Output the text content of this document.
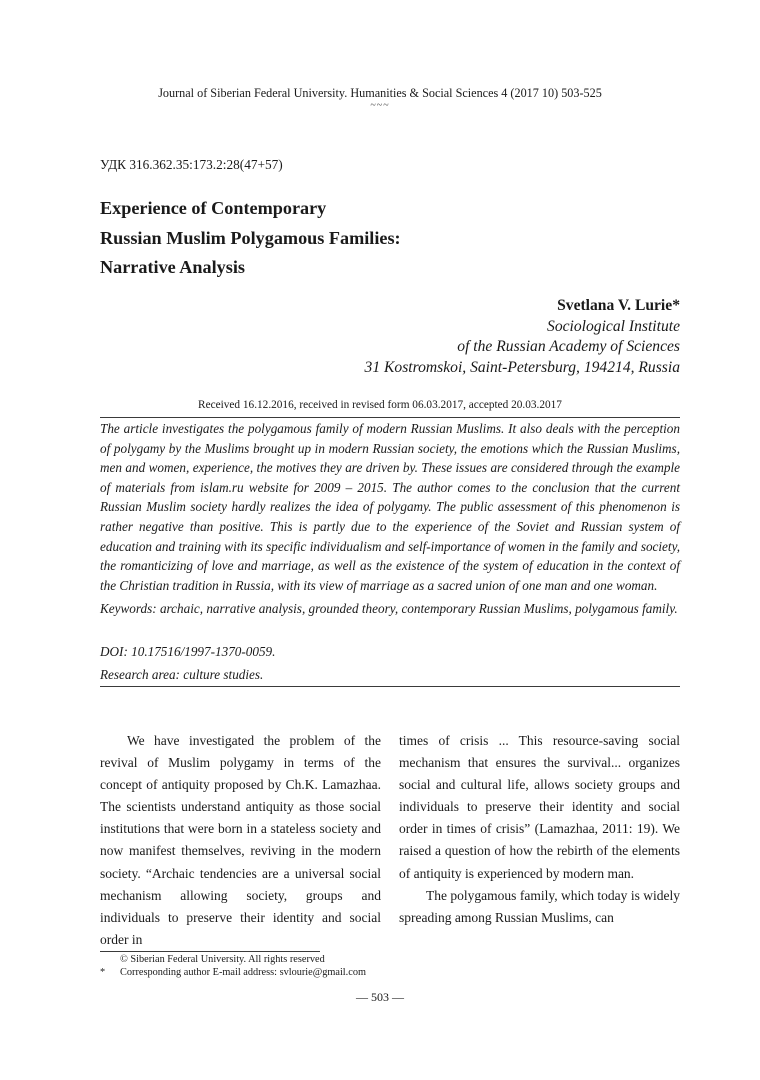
Journal of Siberian Federal University. Humanities & Social Sciences 4 (2017 10) 503-525
~~~
УДК 316.362.35:173.2:28(47+57)
Experience of Contemporary
Russian Muslim Polygamous Families:
Narrative Analysis
Svetlana V. Lurie*
Sociological Institute
of the Russian Academy of Sciences
31 Kostromskoi, Saint-Petersburg, 194214, Russia
Received 16.12.2016, received in revised form 06.03.2017, accepted 20.03.2017

The article investigates the polygamous family of modern Russian Muslims. It also deals with the perception of polygamy by the Muslims brought up in modern Russian society, the emotions which the Russian Muslims, men and women, experience, the motives they are driven by. These issues are considered through the example of materials from islam.ru website for 2009 – 2015. The author comes to the conclusion that the current Russian Muslim society hardly realizes the idea of polygamy. The public assessment of this phenomenon is rather negative than positive. This is partly due to the experience of the Soviet and Russian system of education and training with its specific individualism and self-importance of women in the family and society, the romanticizing of love and marriage, as well as the existence of the system of education in the context of the Christian tradition in Russia, with its view of marriage as a sacred union of one man and one woman.

Keywords: archaic, narrative analysis, grounded theory, contemporary Russian Muslims, polygamous family.

DOI: 10.17516/1997-1370-0059.

Research area: culture studies.

We have investigated the problem of the revival of Muslim polygamy in terms of the concept of antiquity proposed by Ch.K. Lamazhaa. The scientists understand antiquity as those social institutions that were born in a stateless society and now manifest themselves, reviving in the modern society. “Archaic tendencies are a universal social mechanism allowing society, groups and individuals to preserve their identity and social order in

times of crisis ... This resource-saving social mechanism that ensures the survival... organizes social and cultural life, allows society groups and individuals to preserve their identity and social order in times of crisis” (Lamazhaa, 2011: 19). We raised a question of how the rebirth of the elements of antiquity is experienced by modern man.

The polygamous family, which today is widely spreading among Russian Muslims, can

© Siberian Federal University. All rights reserved
*	Corresponding author E-mail address: svlourie@gmail.com
— 503 —
